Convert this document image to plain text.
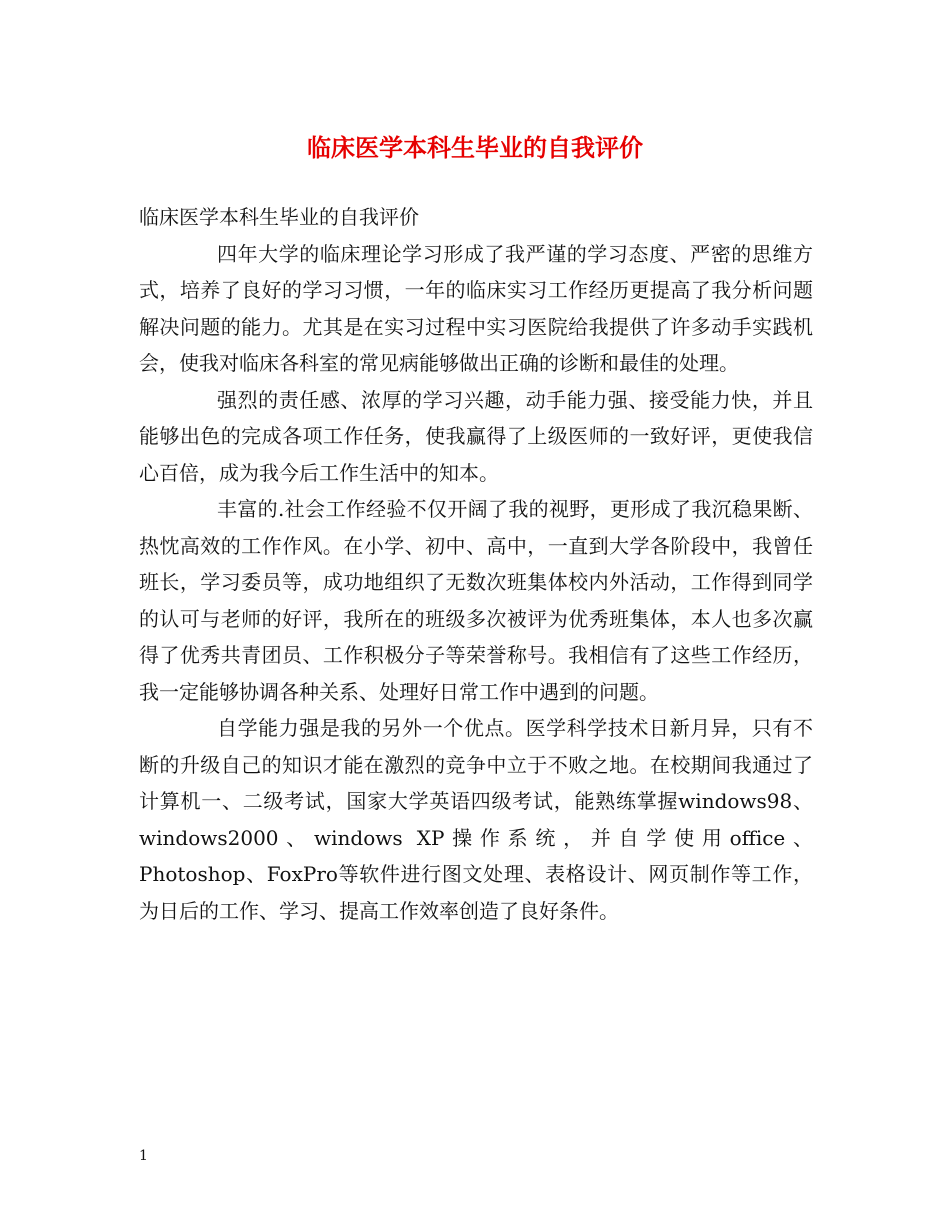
临床医学本科生毕业的自我评价

临床医学本科生毕业的自我评价

四年大学的临床理论学习形成了我严谨的学习态度、严密的思维方式，培养了良好的学习习惯，一年的临床实习工作经历更提高了我分析问题解决问题的能力。尤其是在实习过程中实习医院给我提供了许多动手实践机会，使我对临床各科室的常见病能够做出正确的诊断和最佳的处理。

强烈的责任感、浓厚的学习兴趣，动手能力强、接受能力快，并且能够出色的完成各项工作任务，使我赢得了上级医师的一致好评，更使我信心百倍，成为我今后工作生活中的知本。

丰富的.社会工作经验不仅开阔了我的视野，更形成了我沉稳果断、热忱高效的工作作风。在小学、初中、高中，一直到大学各阶段中，我曾任班长，学习委员等，成功地组织了无数次班集体校内外活动，工作得到同学的认可与老师的好评，我所在的班级多次被评为优秀班集体，本人也多次赢得了优秀共青团员、工作积极分子等荣誉称号。我相信有了这些工作经历，我一定能够协调各种关系、处理好日常工作中遇到的问题。

自学能力强是我的另外一个优点。医学科学技术日新月异，只有不断的升级自己的知识才能在激烈的竞争中立于不败之地。在校期间我通过了计算机一、二级考试，国家大学英语四级考试，能熟练掌握windows98、windows2000、windows XP操作系统，并自学使用office、Photoshop、FoxPro等软件进行图文处理、表格设计、网页制作等工作，为日后的工作、学习、提高工作效率创造了良好条件。

1
